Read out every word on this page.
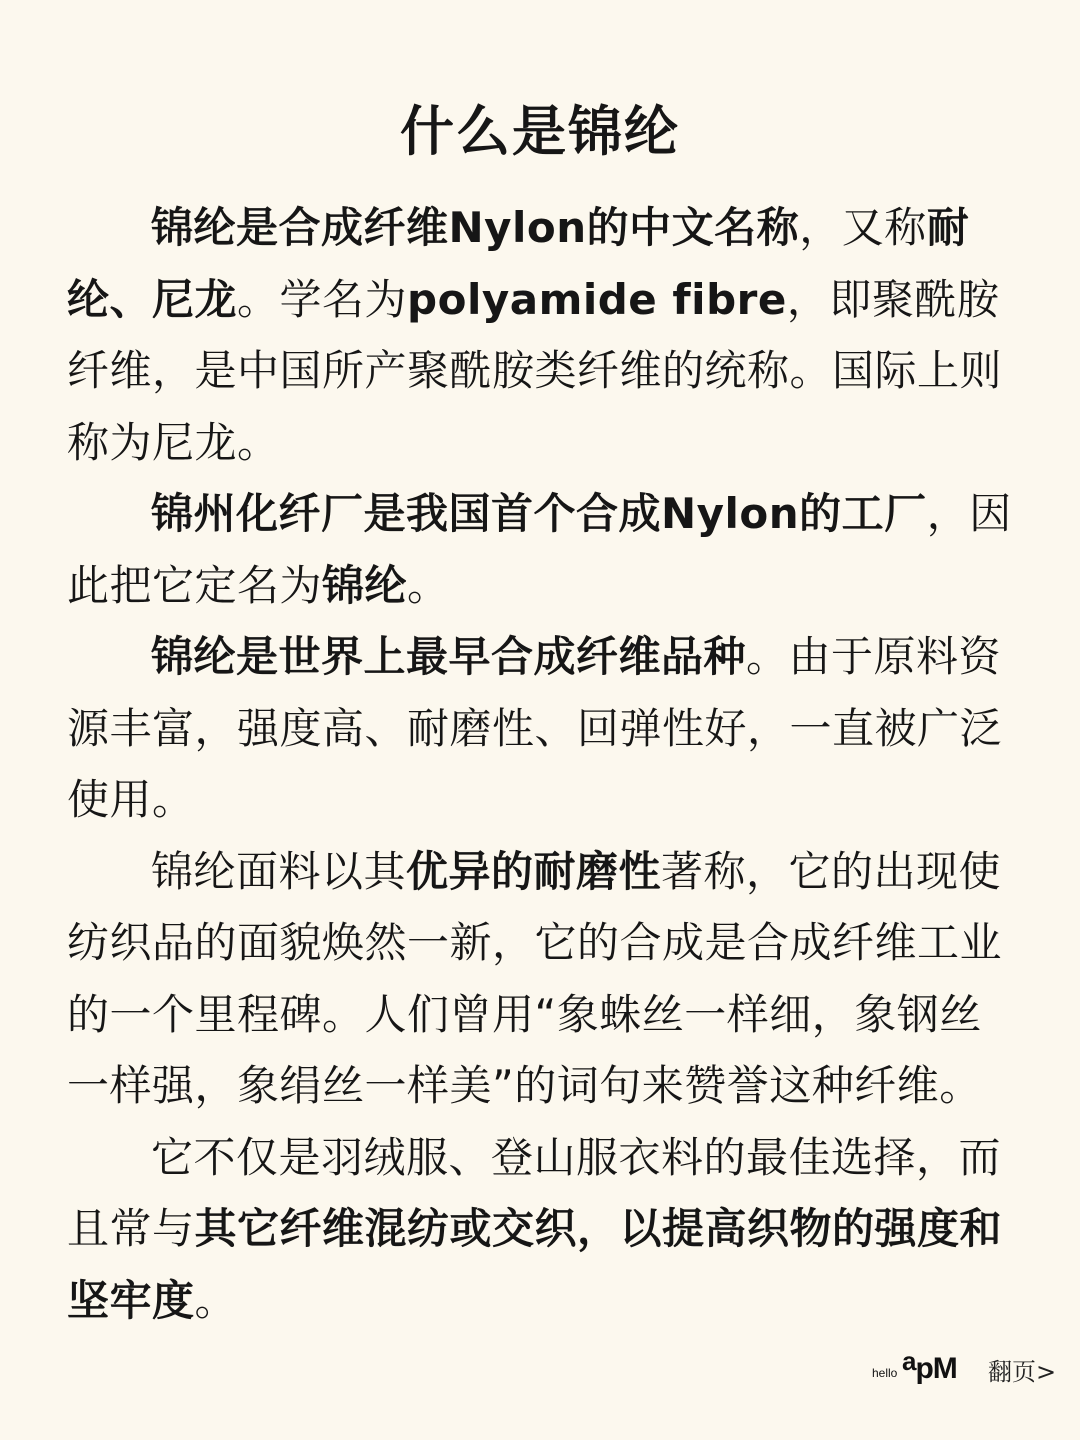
什么是锦纶

锦纶是合成纤维Nylon的中文名称，又称耐纶、尼龙。学名为polyamide fibre，即聚酰胺纤维，是中国所产聚酰胺类纤维的统称。国际上则称为尼龙。

锦州化纤厂是我国首个合成Nylon的工厂，因此把它定名为锦纶。

锦纶是世界上最早合成纤维品种。由于原料资源丰富，强度高、耐磨性、回弹性好，一直被广泛使用。

锦纶面料以其优异的耐磨性著称，它的出现使纺织品的面貌焕然一新，它的合成是合成纤维工业的一个里程碑。人们曾用“象蛛丝一样细，象钢丝一样强，象绢丝一样美”的词句来赞誉这种纤维。

它不仅是羽绒服、登山服衣料的最佳选择，而且常与其它纤维混纺或交织，以提高织物的强度和坚牢度。

hello apM 翻页>
